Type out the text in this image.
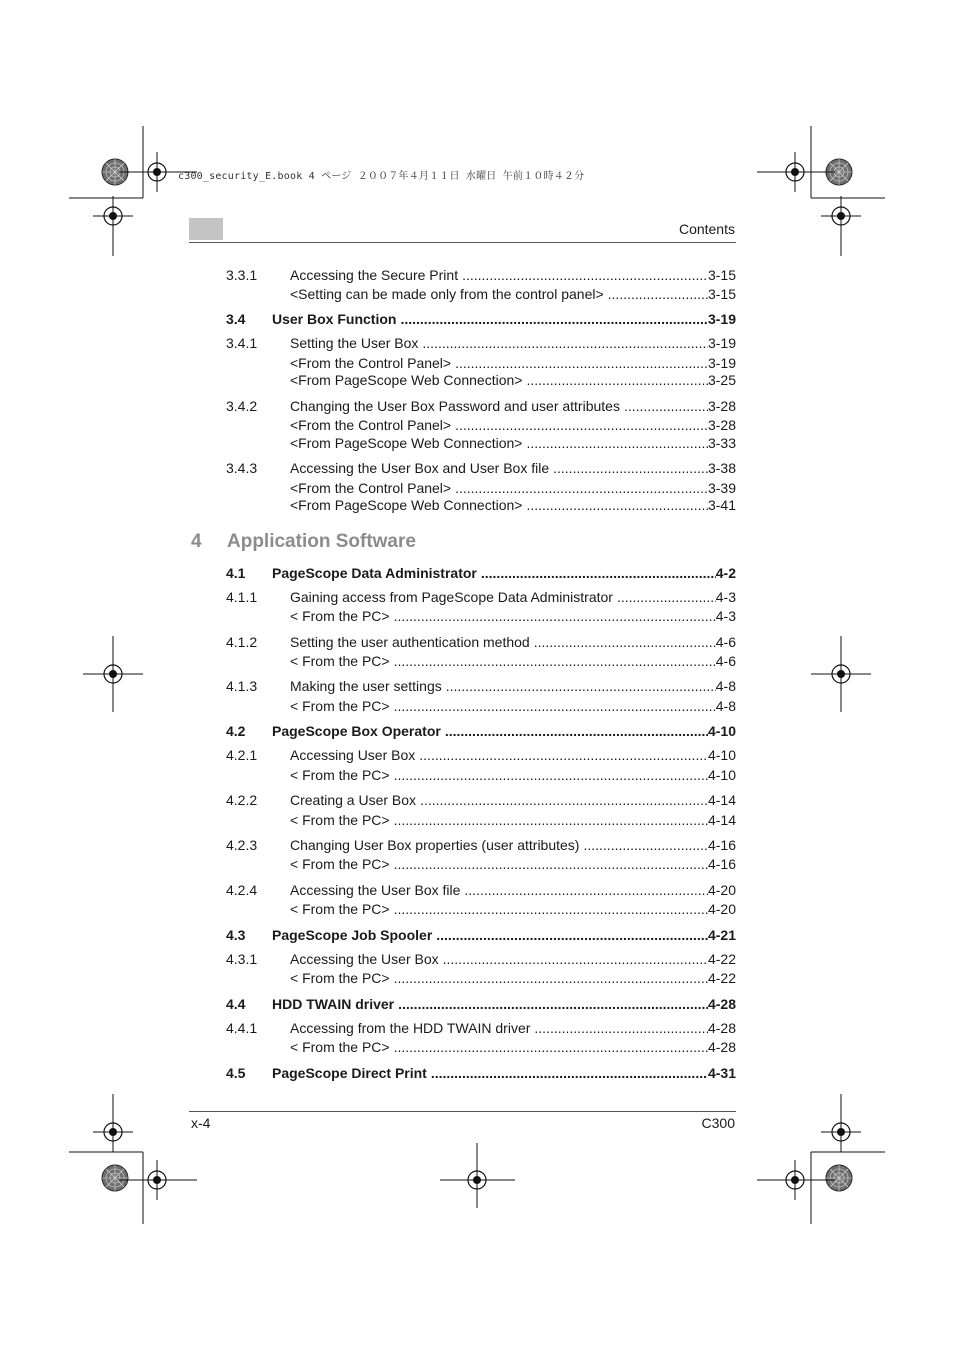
c300_security_E.book 4 ページ ２００７年４月１１日 水曜日 午前１０時４２分
Contents
3.3.1 Accessing the Secure Print .....	3-15
<Setting can be made only from the control panel> .....	3-15
3.4 User Box Function .....	3-19
3.4.1 Setting the User Box .....	3-19
<From the Control Panel> .....	3-19
<From PageScope Web Connection> .....	3-25
3.4.2 Changing the User Box Password and user attributes .....	3-28
<From the Control Panel> .....	3-28
<From PageScope Web Connection> .....	3-33
3.4.3 Accessing the User Box and User Box file .....	3-38
<From the Control Panel> .....	3-39
<From PageScope Web Connection> .....	3-41
4 Application Software
4.1 PageScope Data Administrator .....	4-2
4.1.1 Gaining access from PageScope Data Administrator .....	4-3
< From the PC> .....	4-3
4.1.2 Setting the user authentication method .....	4-6
< From the PC> .....	4-6
4.1.3 Making the user settings .....	4-8
< From the PC> .....	4-8
4.2 PageScope Box Operator .....	4-10
4.2.1 Accessing User Box .....	4-10
< From the PC> .....	4-10
4.2.2 Creating a User Box .....	4-14
< From the PC> .....	4-14
4.2.3 Changing User Box properties (user attributes) .....	4-16
< From the PC> .....	4-16
4.2.4 Accessing the User Box file .....	4-20
< From the PC> .....	4-20
4.3 PageScope Job Spooler .....	4-21
4.3.1 Accessing the User Box .....	4-22
< From the PC> .....	4-22
4.4 HDD TWAIN driver .....	4-28
4.4.1 Accessing from the HDD TWAIN driver .....	4-28
< From the PC> .....	4-28
4.5 PageScope Direct Print .....	4-31
x-4	C300
